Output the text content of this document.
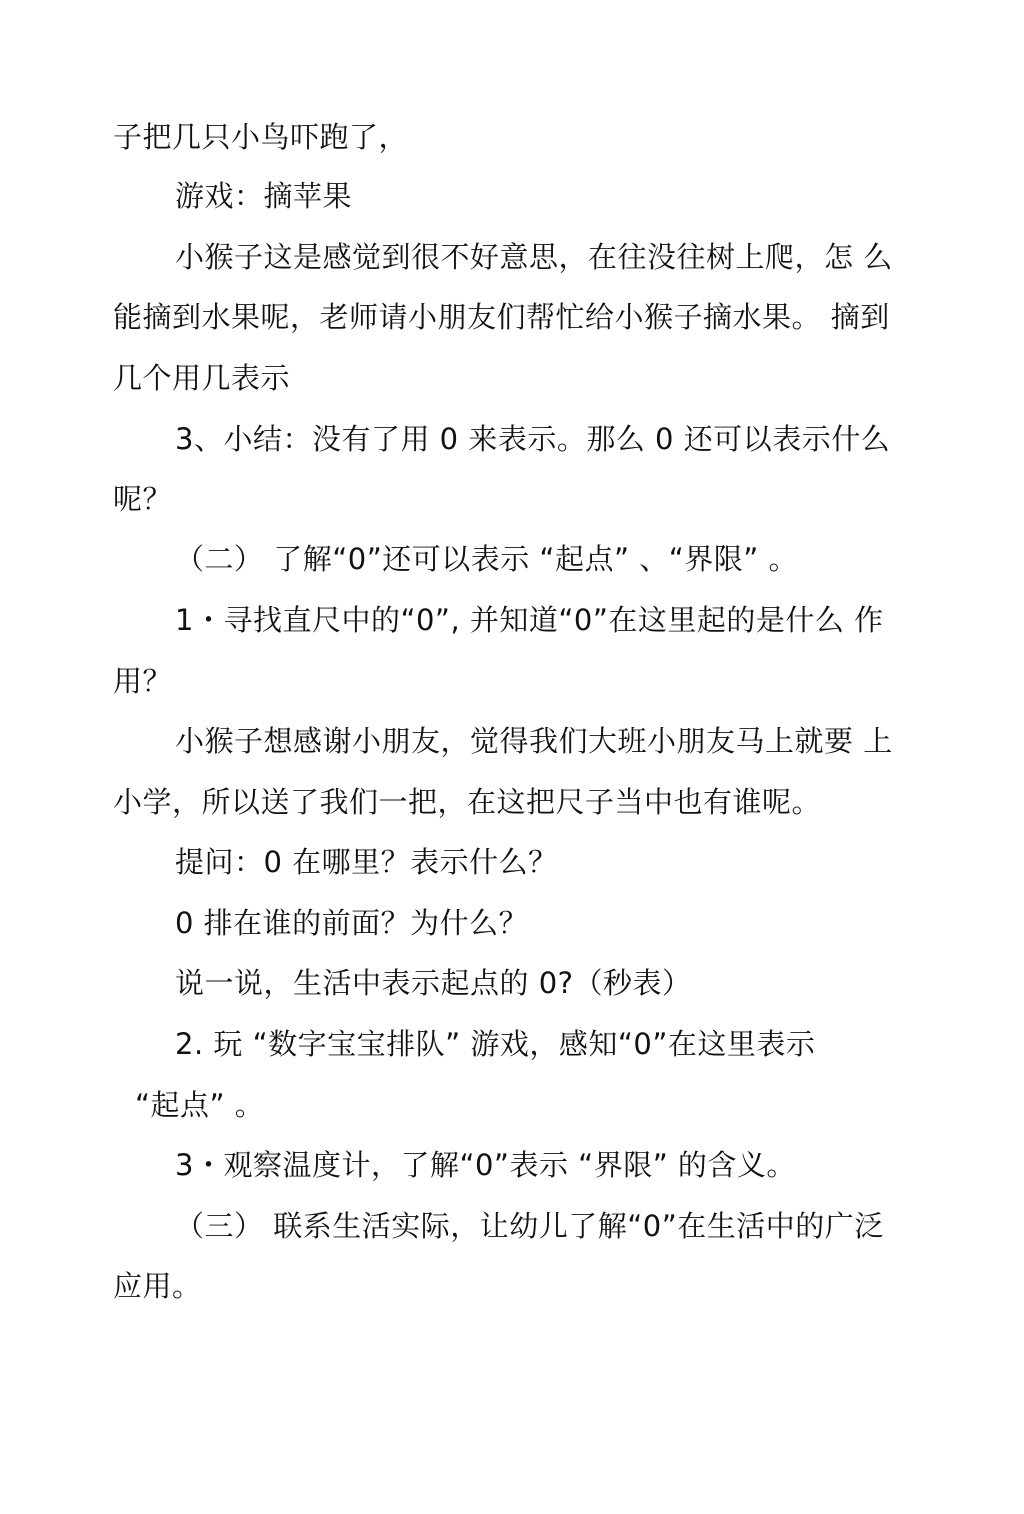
子把几只小鸟吓跑了，
游戏：摘苹果
小猴子这是感觉到很不好意思，在往没往树上爬，怎 么
能摘到水果呢，老师请小朋友们帮忙给小猴子摘水果。 摘到
几个用几表示
3、小结：没有了用 0 来表示。那么 0 还可以表示什么
呢？
（二） 了解“0”还可以表示 “起点” 、“界限” 。
1・寻找直尺中的“0”, 并知道“0”在这里起的是什么 作
用？
小猴子想感谢小朋友，觉得我们大班小朋友马上就要 上
小学，所以送了我们一把，在这把尺子当中也有谁呢。
提问：0 在哪里？表示什么？
0 排在谁的前面？为什么？
说一说，生活中表示起点的 0?（秒表）
2. 玩 “数字宝宝排队” 游戏，感知“0”在这里表示
“起点” 。
3・观察温度计，了解“0”表示 “界限” 的含义。
（三） 联系生活实际，让幼儿了解“0”在生活中的广泛
应用。
